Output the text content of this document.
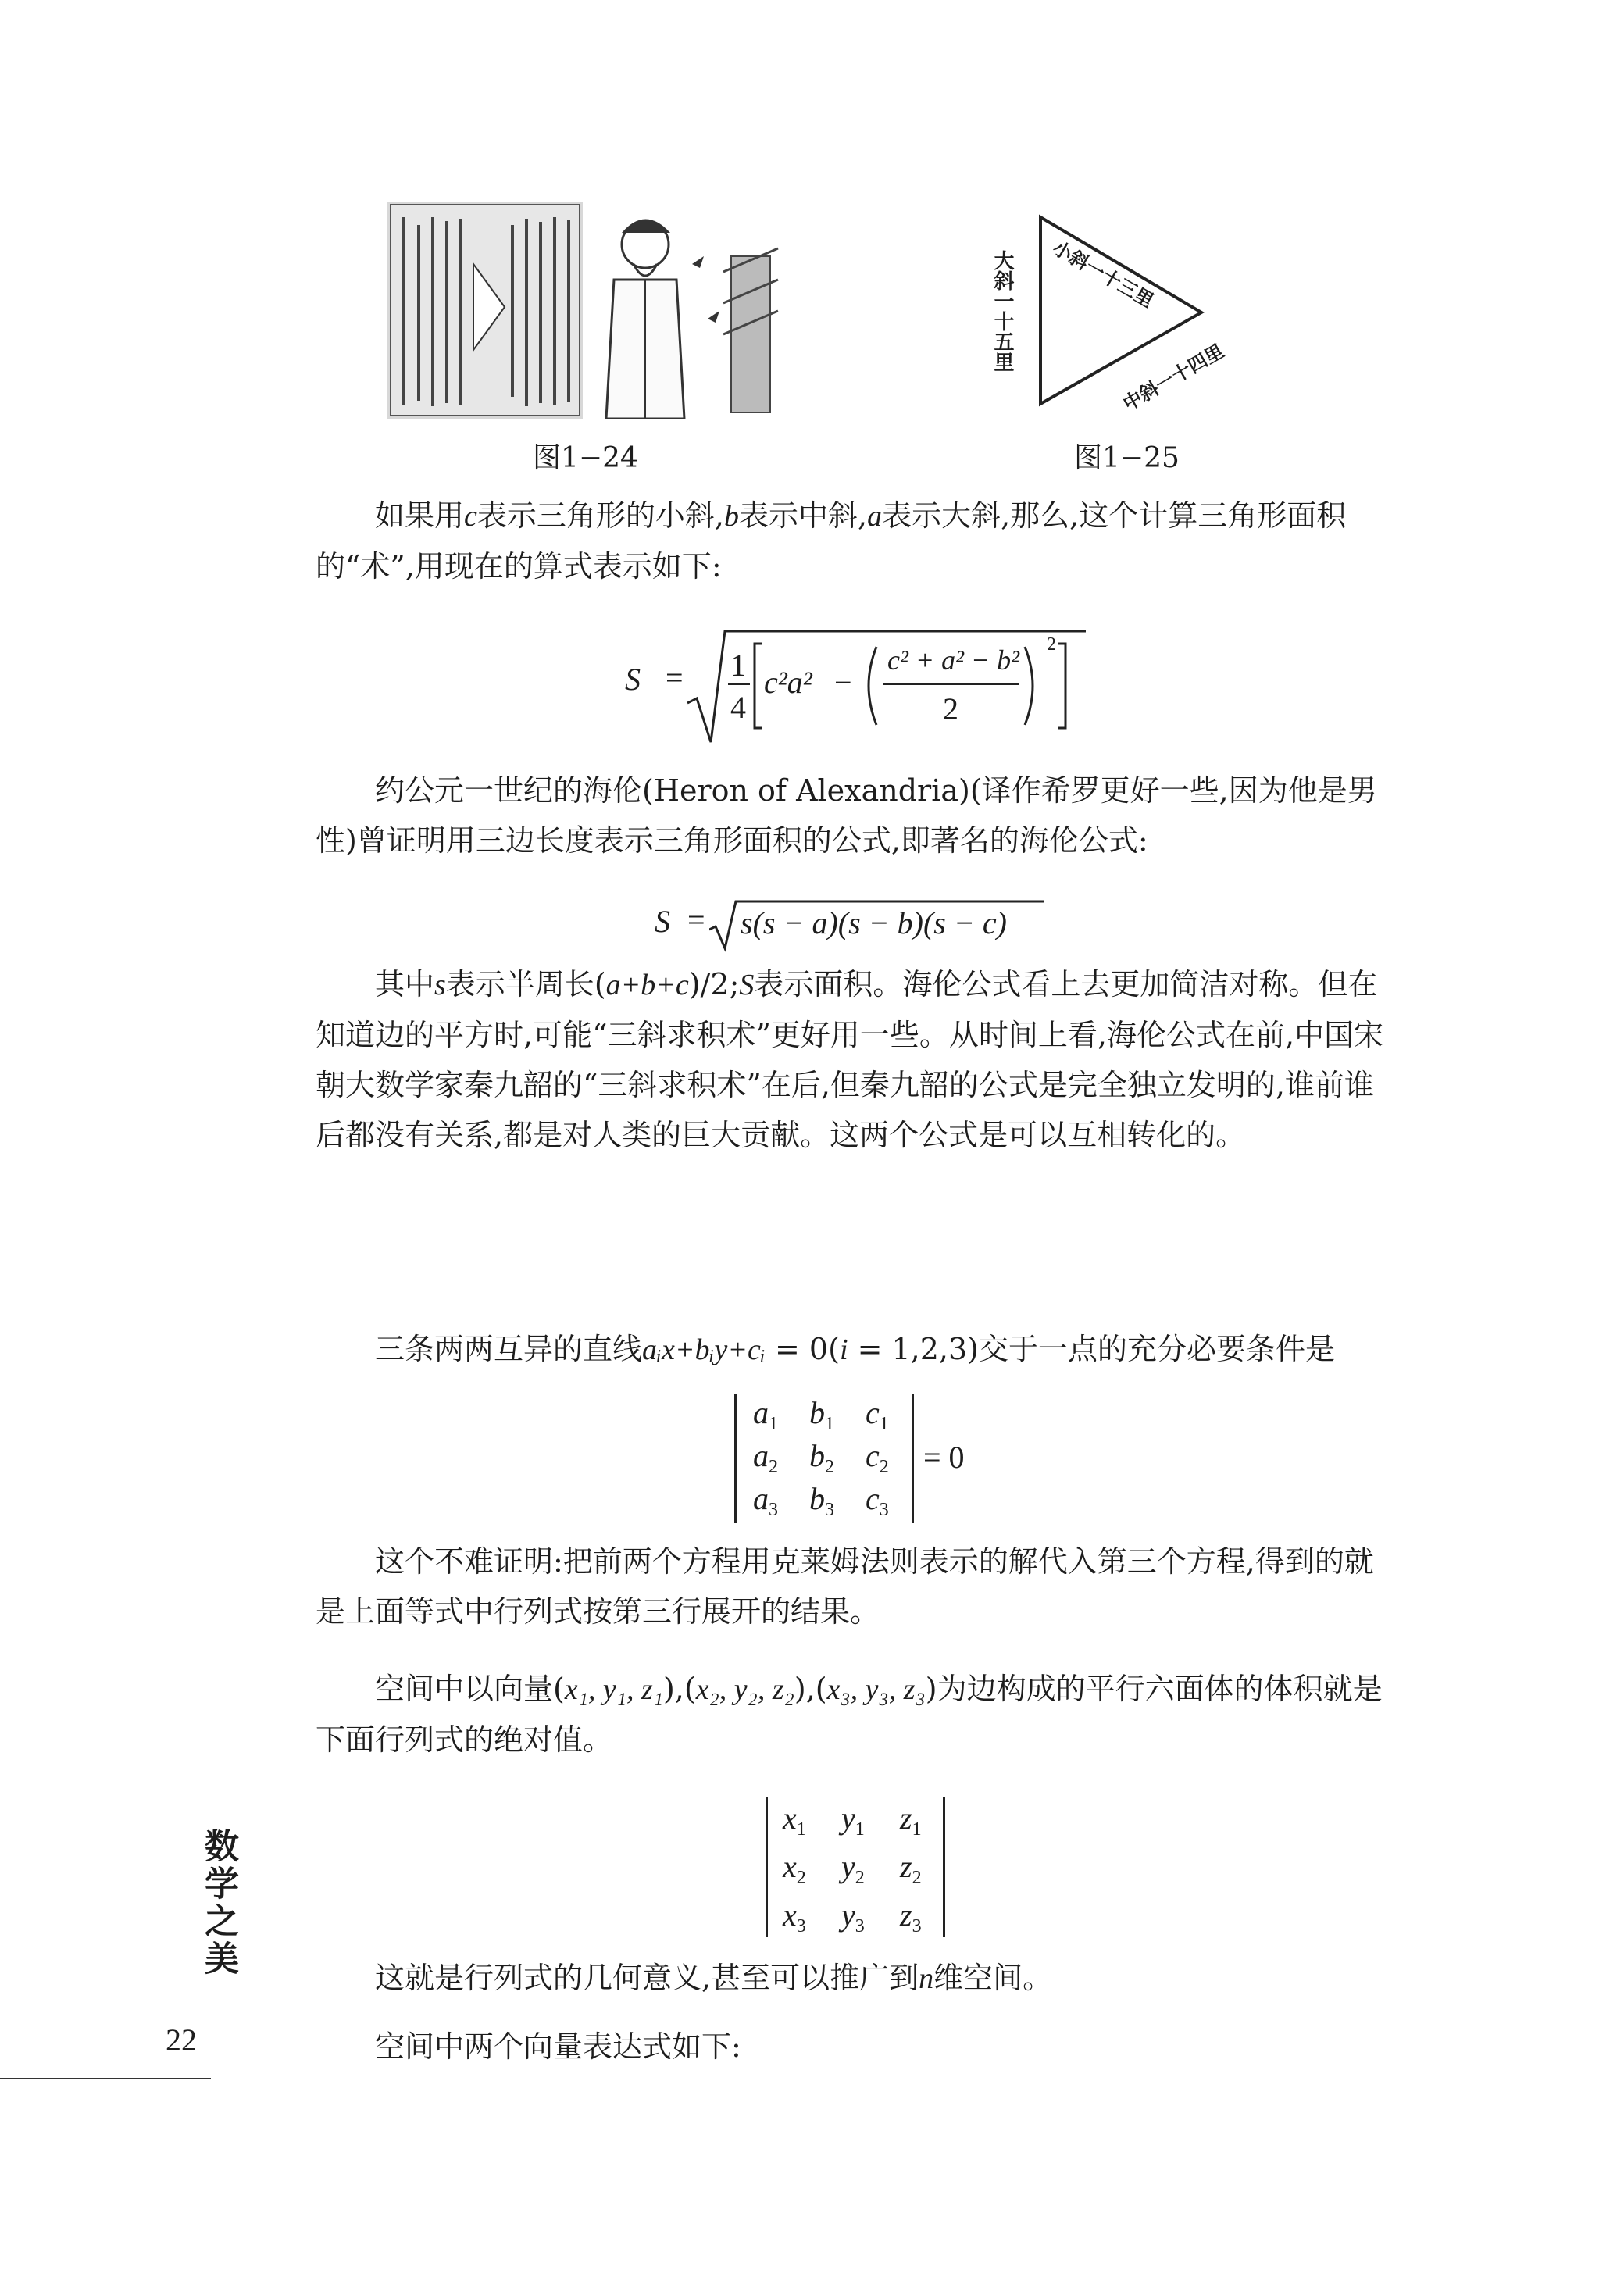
大斜一十五里 小斜一十三里
中斜一十四里
图1−24	图1−25

如果用c表示三角形的小斜,b表示中斜,a表示大斜,那么,这个计算三角形面积的“术”,用现在的算式表示如下:

S = 1
4
c²a² −
c² + a² − b²
2
2

约公元一世纪的海伦(Heron of Alexandria)(译作希罗更好一些,因为他是男性)曾证明用三边长度表示三角形面积的公式,即著名的海伦公式:

S = s(s − a)(s − b)(s − c)

其中s表示半周长(a+b+c)/2;S表示面积。海伦公式看上去更加简洁对称。但在知道边的平方时,可能“三斜求积术”更好用一些。从时间上看,海伦公式在前,中国宋朝大数学家秦九韶的“三斜求积术”在后,但秦九韶的公式是完全独立发明的,谁前谁后都没有关系,都是对人类的巨大贡献。这两个公式是可以互相转化的。

三条两两互异的直线aᵢx+bᵢy+cᵢ = 0(i = 1,2,3)交于一点的充分必要条件是

$a_1$ $b_1$ $c_1$
$a_2$ $b_2$ $c_2$
$a_3$ $b_3$ $c_3$
= 0

这个不难证明:把前两个方程用克莱姆法则表示的解代入第三个方程,得到的就是上面等式中行列式按第三行展开的结果。

空间中以向量(x₁, y₁, z₁),(x₂, y₂, z₂),(x₃, y₃, z₃)为边构成的平行六面体的体积就是下面行列式的绝对值。

$x_1$ $y_1$ $z_1$
$x_2$ $y_2$ $z_2$
$x_3$ $y_3$ $z_3$

这就是行列式的几何意义,甚至可以推广到n维空间。

空间中两个向量表达式如下:

数学之美
22
